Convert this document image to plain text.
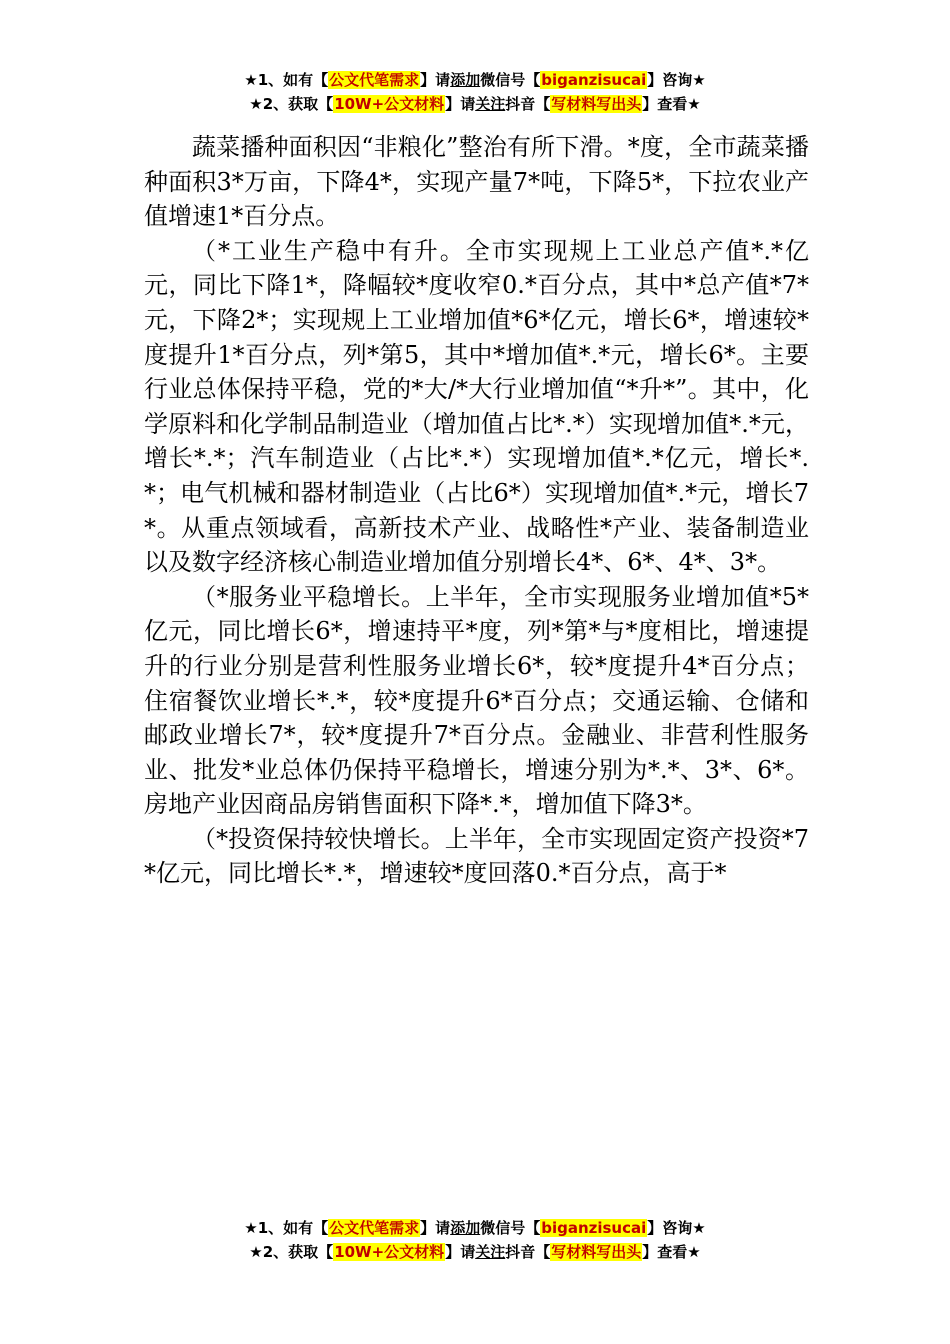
★1、如有【公文代笔需求】请添加微信号【biganzisucai】咨询★
★2、获取【10W+公文材料】请关注抖音【写材料写出头】查看★

蔬菜播种面积因“非粮化”整治有所下滑。*度，全市蔬菜播种面积3*万亩，下降4*，实现产量7*吨，下降5*，下拉农业产值增速1*百分点。

（*工业生产稳中有升。全市实现规上工业总产值*.*亿元，同比下降1*，降幅较*度收窄0.*百分点，其中*总产值*7*元，下降2*；实现规上工业增加值*6*亿元，增长6*，增速较*度提升1*百分点，列*第5，其中*增加值*.*元，增长6*。主要行业总体保持平稳，党的*大/*大行业增加值“*升*”。其中，化学原料和化学制品制造业（增加值占比*.*）实现增加值*.*元，增长*.*；汽车制造业（占比*.*）实现增加值*.*亿元，增长*.*；电气机械和器材制造业（占比6*）实现增加值*.*元，增长7*。从重点领域看，高新技术产业、战略性*产业、装备制造业以及数字经济核心制造业增加值分别增长4*、6*、4*、3*。

（*服务业平稳增长。上半年，全市实现服务业增加值*5*亿元，同比增长6*，增速持平*度，列*第*与*度相比，增速提升的行业分别是营利性服务业增长6*，较*度提升4*百分点；住宿餐饮业增长*.*，较*度提升6*百分点；交通运输、仓储和邮政业增长7*，较*度提升7*百分点。金融业、非营利性服务业、批发*业总体仍保持平稳增长，增速分别为*.*、3*、6*。房地产业因商品房销售面积下降*.*，增加值下降3*。

（*投资保持较快增长。上半年，全市实现固定资产投资*7*亿元，同比增长*.*，增速较*度回落0.*百分点，高于*

★1、如有【公文代笔需求】请添加微信号【biganzisucai】咨询★
★2、获取【10W+公文材料】请关注抖音【写材料写出头】查看★
